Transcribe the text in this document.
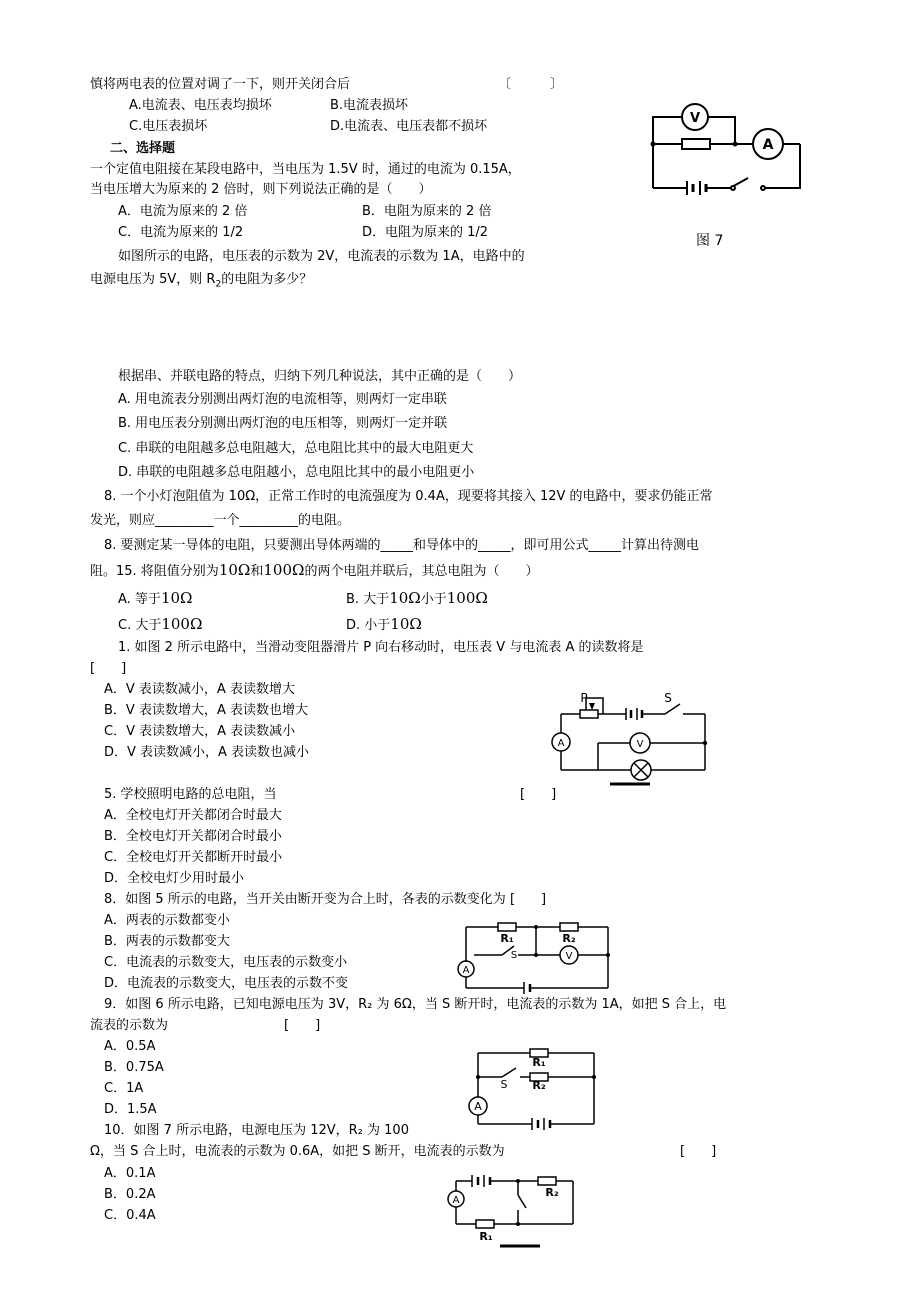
慎将两电表的位置对调了一下，则开关闭合后	〔　　　〕
A.电流表、电压表均损坏	B.电流表损坏
C.电压表损坏	D.电流表、电压表都不损坏
二、选择题
一个定值电阻接在某段电路中，当电压为 1.5V 时，通过的电流为 0.15A，
当电压增大为原来的 2 倍时，则下列说法正确的是（　　）
A．电流为原来的 2 倍	B．电阻为原来的 2 倍
C．电流为原来的 1/2	D．电阻为原来的 1/2
如图所示的电路，电压表的示数为 2V，电流表的示数为 1A，电路中的
电源电压为 5V，则 $R_2$的电阻为多少？
V
A
图 7
根据串、并联电路的特点，归纳下列几种说法，其中正确的是（　　）
A. 用电流表分别测出两灯泡的电流相等，则两灯一定串联
B. 用电压表分别测出两灯泡的电压相等，则两灯一定并联
C. 串联的电阻越多总电阻越大，总电阻比其中的最大电阻更大
D. 串联的电阻越多总电阻越小，总电阻比其中的最小电阻更小
8. 一个小灯泡阻值为 10Ω，正常工作时的电流强度为 0.4A，现要将其接入 12V 的电路中，要求仍能正常
发光，则应_________一个_________的电阻。
8. 要测定某一导体的电阻，只要测出导体两端的_____和导体中的_____，即可用公式_____计算出待测电
阻。15. 将阻值分别为10Ω和100Ω的两个电阻并联后，其总电阻为（　　）
A. 等于10Ω	B. 大于10Ω小于100Ω
C. 大于100Ω	D. 小于10Ω
1. 如图 2 所示电路中，当滑动变阻器滑片 P 向右移动时，电压表 V 与电流表 A 的读数将是
[　　]
A．V 表读数减小，A 表读数增大
B．V 表读数增大，A 表读数也增大
C．V 表读数增大，A 表读数减小
D．V 表读数减小，A 表读数也减小
P	S
A	V
5. 学校照明电路的总电阻，当	[　　]
A．全校电灯开关都闭合时最大
B．全校电灯开关都闭合时最小
C．全校电灯开关都断开时最小
D．全校电灯少用时最小
8．如图 5 所示的电路，当开关由断开变为合上时，各表的示数变化为 [　　]
A．两表的示数都变小
B．两表的示数都变大
C．电流表的示数变大，电压表的示数变小
D．电流表的示数变大，电压表的示数不变
R₁	R₂
A
V
S
9．如图 6 所示电路，已知电源电压为 3V，R₂ 为 6Ω，当 S 断开时，电流表的示数为 1A，如把 S 合上，电
流表的示数为	[　　]
A．0.5A
B．0.75A
C．1A
D．1.5A
R₁
R₂
S
A
10．如图 7 所示电路，电源电压为 12V，R₂ 为 100
Ω，当 S 合上时，电流表的示数为 0.6A，如把 S 断开，电流表的示数为	[　　]
A．0.1A
B．0.2A
C．0.4A
A
R₂
R₁
